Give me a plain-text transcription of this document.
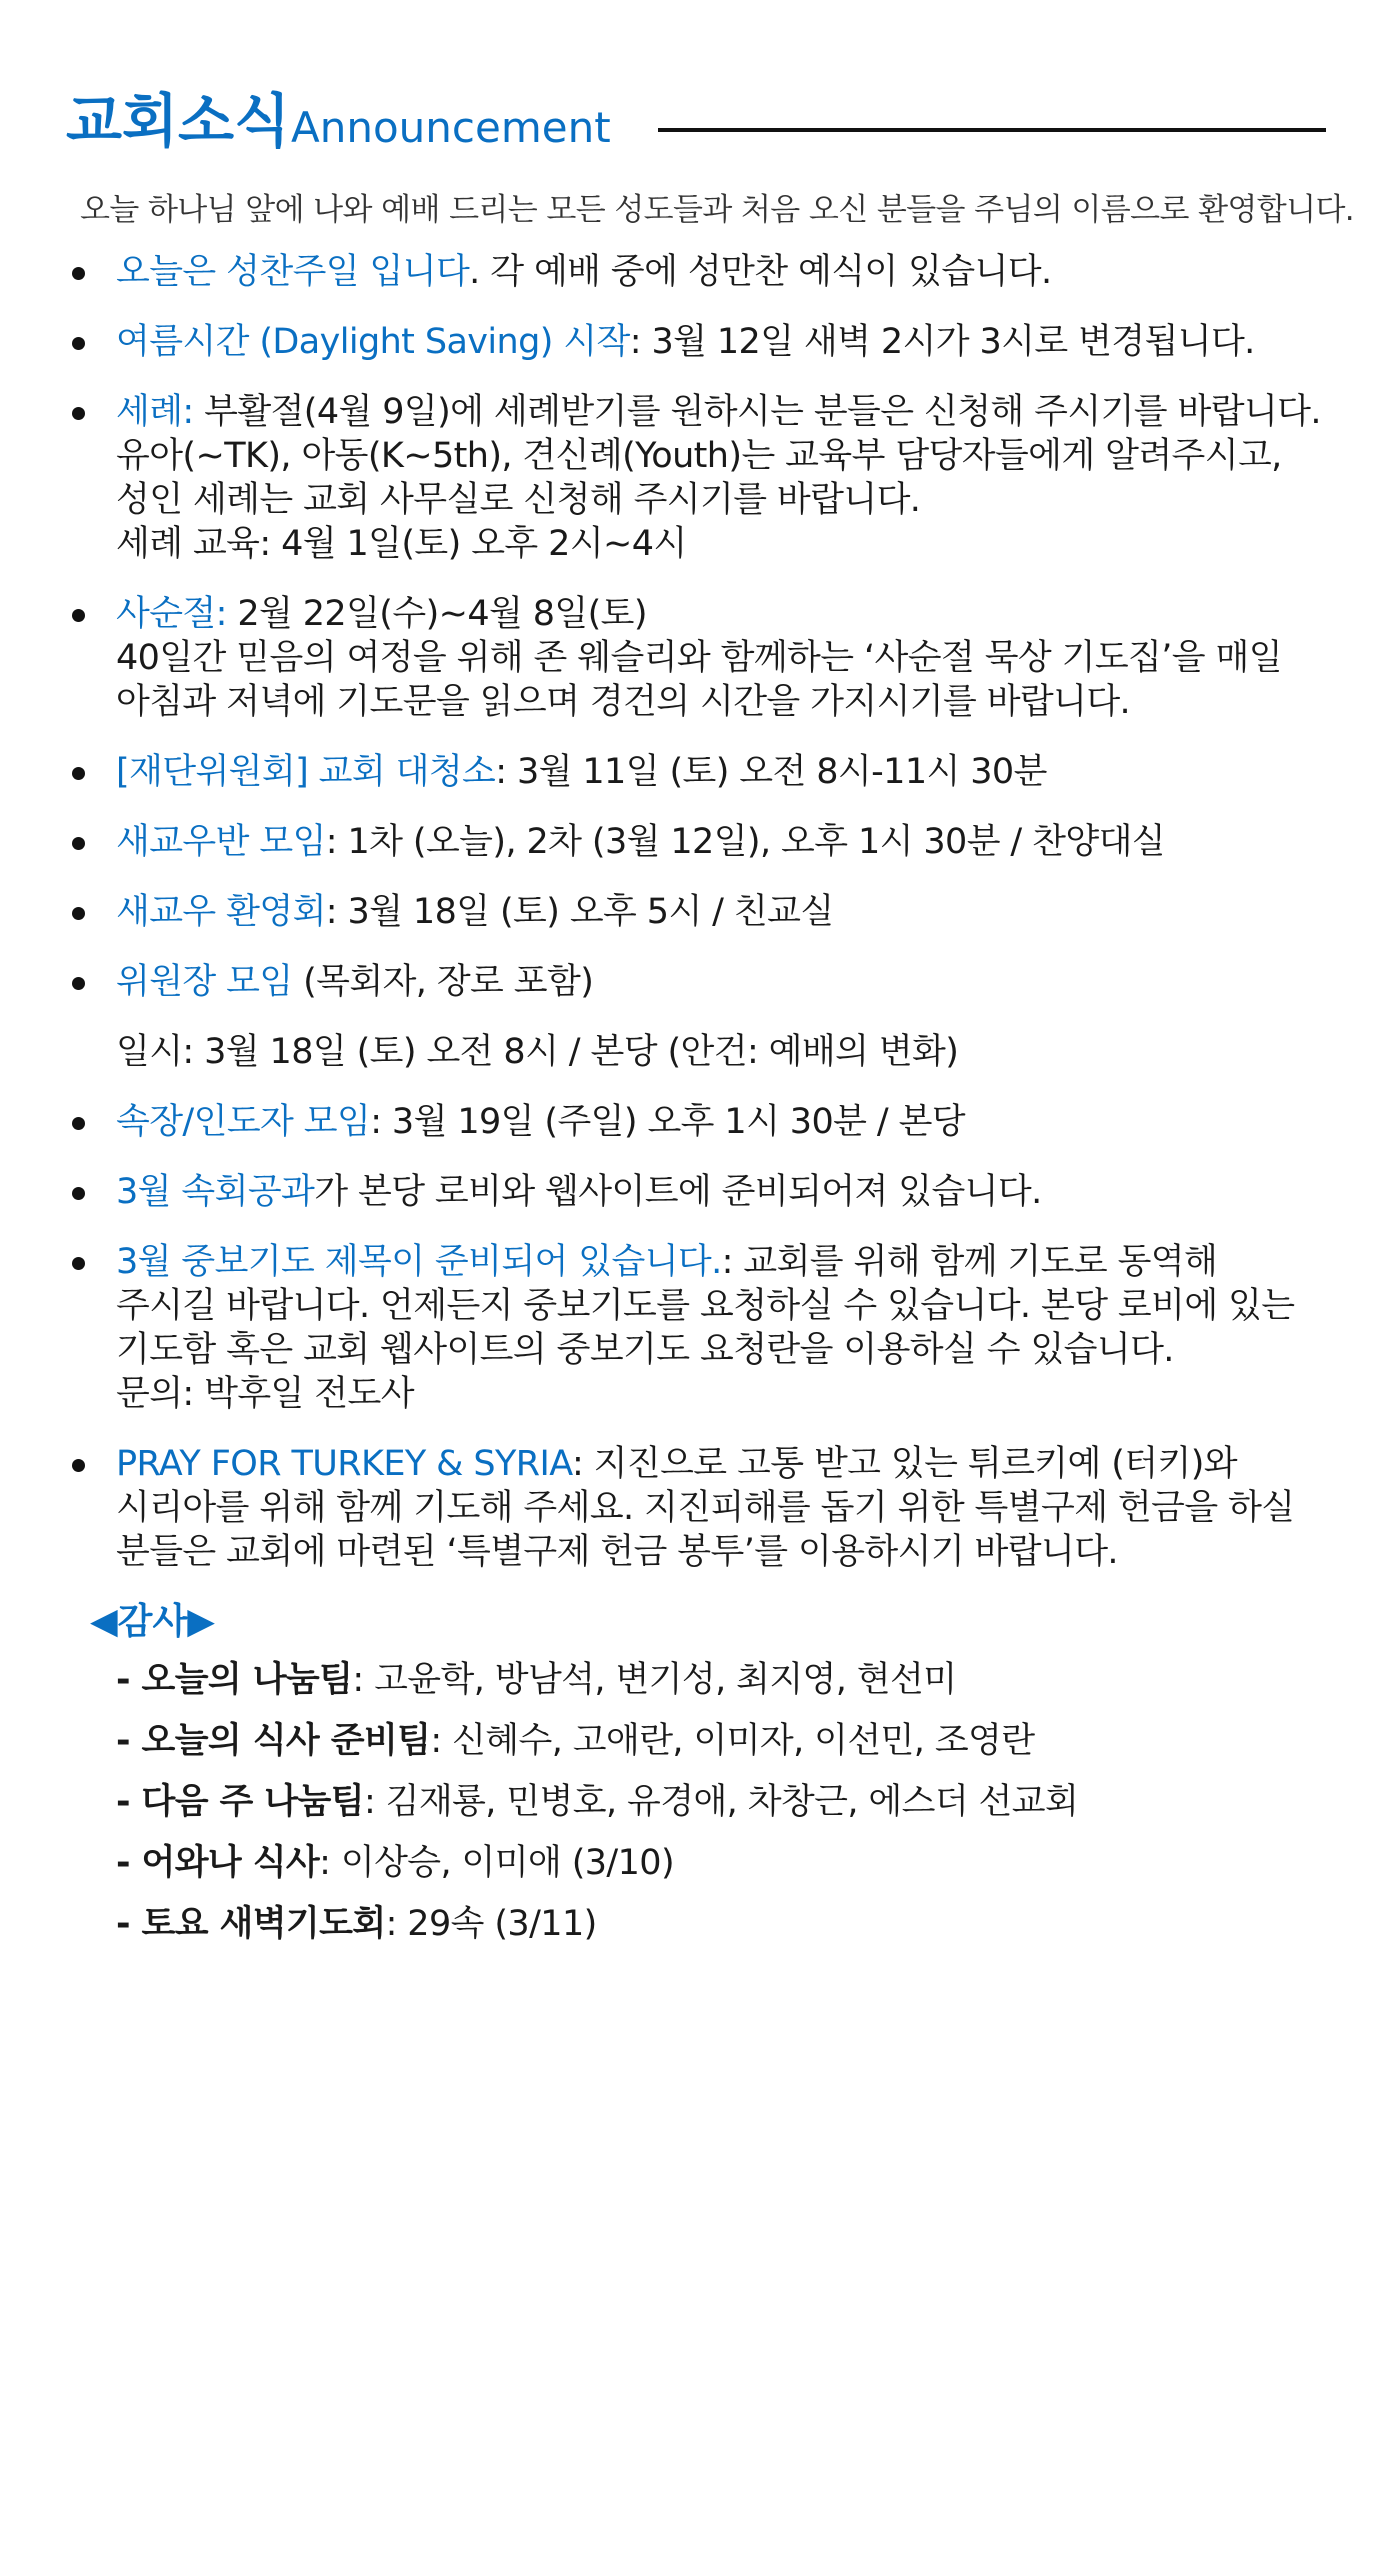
교회소식 Announcement
오늘 하나님 앞에 나와 예배 드리는 모든 성도들과 처음 오신 분들을 주님의 이름으로 환영합니다.
오늘은 성찬주일 입니다. 각 예배 중에 성만찬 예식이 있습니다.
여름시간 (Daylight Saving) 시작: 3월 12일 새벽 2시가 3시로 변경됩니다.
세례: 부활절(4월 9일)에 세례받기를 원하시는 분들은 신청해 주시기를 바랍니다.
유아(~TK), 아동(K~5th), 견신례(Youth)는 교육부 담당자들에게 알려주시고,
성인 세례는 교회 사무실로 신청해 주시기를 바랍니다.
세례 교육: 4월 1일(토) 오후 2시~4시
사순절: 2월 22일(수)~4월 8일(토)
40일간 믿음의 여정을 위해 존 웨슬리와 함께하는 ‘사순절 묵상 기도집’을 매일
아침과 저녁에 기도문을 읽으며 경건의 시간을 가지시기를 바랍니다.
[재단위원회] 교회 대청소: 3월 11일 (토) 오전 8시-11시 30분
새교우반 모임: 1차 (오늘), 2차 (3월 12일), 오후 1시 30분 / 찬양대실
새교우 환영회: 3월 18일 (토) 오후 5시 / 친교실
위원장 모임 (목회자, 장로 포함)
일시: 3월 18일 (토) 오전 8시 / 본당 (안건: 예배의 변화)
속장/인도자 모임: 3월 19일 (주일) 오후 1시 30분 / 본당
3월 속회공과가 본당 로비와 웹사이트에 준비되어져 있습니다.
3월 중보기도 제목이 준비되어 있습니다.: 교회를 위해 함께 기도로 동역해
주시길 바랍니다. 언제든지 중보기도를 요청하실 수 있습니다. 본당 로비에 있는
기도함 혹은 교회 웹사이트의 중보기도 요청란을 이용하실 수 있습니다.
문의: 박후일 전도사
PRAY FOR TURKEY & SYRIA: 지진으로 고통 받고 있는 튀르키예 (터키)와
시리아를 위해 함께 기도해 주세요. 지진피해를 돕기 위한 특별구제 헌금을 하실
분들은 교회에 마련된 ‘특별구제 헌금 봉투’를 이용하시기 바랍니다.
◀감사▶
- 오늘의 나눔팀: 고윤학, 방남석, 변기성, 최지영, 현선미
- 오늘의 식사 준비팀: 신혜수, 고애란, 이미자, 이선민, 조영란
- 다음 주 나눔팀: 김재룡, 민병호, 유경애, 차창근, 에스더 선교회
- 어와나 식사: 이상승, 이미애 (3/10)
- 토요 새벽기도회: 29속 (3/11)
